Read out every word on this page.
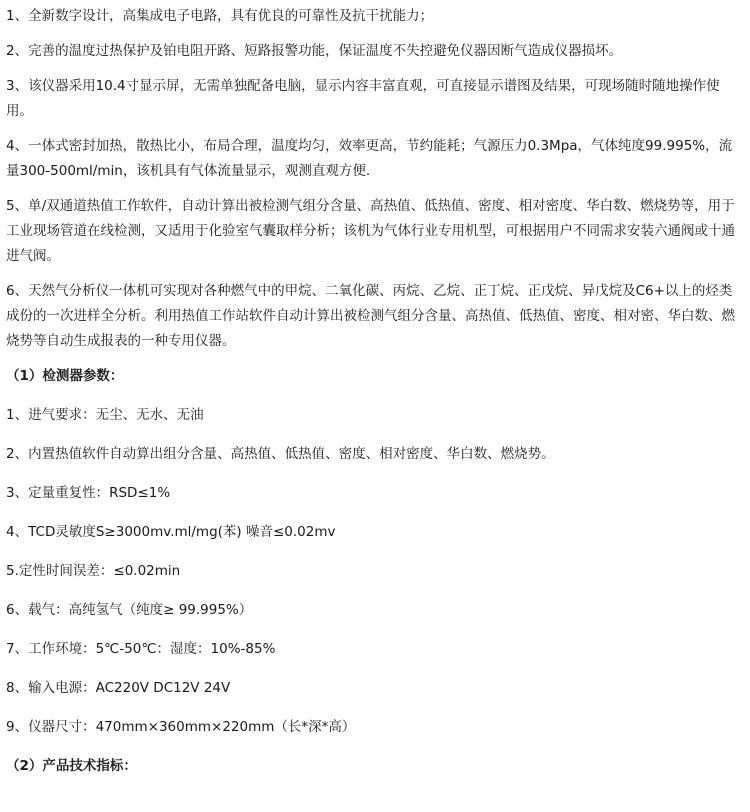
1、全新数字设计，高集成电子电路，具有优良的可靠性及抗干扰能力；

2、完善的温度过热保护及铂电阻开路、短路报警功能，保证温度不失控避免仪器因断气造成仪器损坏。

3、该仪器采用10.4寸显示屏，无需单独配备电脑，显示内容丰富直观，可直接显示谱图及结果，可现场随时随地操作使用。

4、一体式密封加热，散热比小，布局合理，温度均匀，效率更高，节约能耗；气源压力0.3Mpa，气体纯度99.995%，流量300-500ml/min，该机具有气体流量显示，观测直观方便.

5、单/双通道热值工作软件，自动计算出被检测气组分含量、高热值、低热值、密度、相对密度、华白数、燃烧势等，用于工业现场管道在线检测，又适用于化验室气囊取样分析；该机为气体行业专用机型，可根据用户不同需求安装六通阀或十通进气阀。

6、天然气分析仪一体机可实现对各种燃气中的甲烷、二氧化碳、丙烷、乙烷、正丁烷、正戊烷、异戊烷及C6+以上的烃类成份的一次进样全分析。利用热值工作站软件自动计算出被检测气组分含量、高热值、低热值、密度、相对密、华白数、燃烧势等自动生成报表的一种专用仪器。

（1）检测器参数：

1、进气要求：无尘、无水、无油

2、内置热值软件自动算出组分含量、高热值、低热值、密度、相对密度、华白数、燃烧势。

3、定量重复性：RSD≤1%

4、TCD灵敏度S≥3000mv.ml/mg(苯) 噪音≤0.02mv

5.定性时间误差：≤0.02min

6、载气：高纯氢气（纯度≥ 99.995%）

7、工作环境：5℃-50℃：湿度：10%-85%

8、输入电源：AC220V DC12V 24V

9、仪器尺寸：470mm×360mm×220mm（长*深*高）

（2）产品技术指标：
